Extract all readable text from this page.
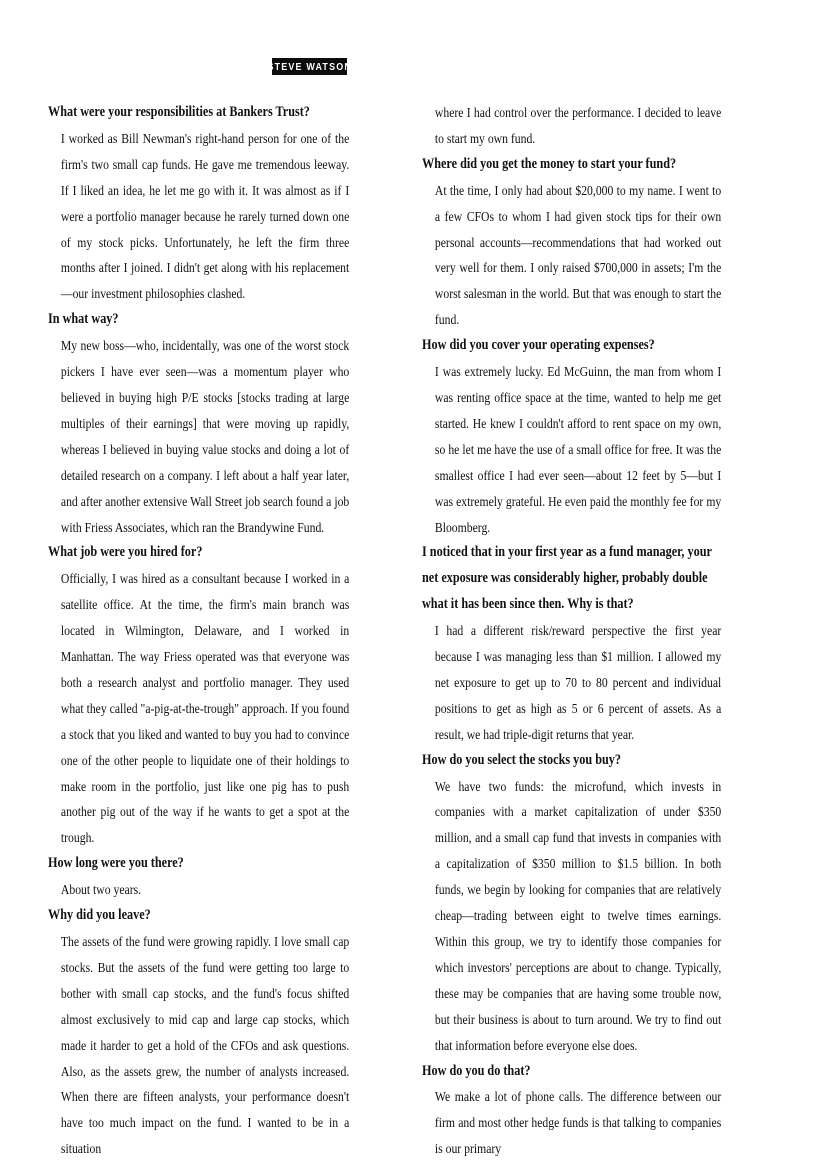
STEVE WATSON

What were your responsibilities at Bankers Trust?

I worked as Bill Newman's right-hand person for one of the firm's two small cap funds. He gave me tremendous leeway. If I liked an idea, he let me go with it. It was almost as if I were a portfolio manager because he rarely turned down one of my stock picks. Unfortunately, he left the firm three months after I joined. I didn't get along with his replacement—our investment philosophies clashed.

In what way?

My new boss—who, incidentally, was one of the worst stock pickers I have ever seen—was a momentum player who believed in buying high P/E stocks [stocks trading at large multiples of their earnings] that were moving up rapidly, whereas I believed in buying value stocks and doing a lot of detailed research on a company. I left about a half year later, and after another extensive Wall Street job search found a job with Friess Associates, which ran the Brandywine Fund.

What job were you hired for?

Officially, I was hired as a consultant because I worked in a satellite office. At the time, the firm's main branch was located in Wilmington, Delaware, and I worked in Manhattan. The way Friess operated was that everyone was both a research analyst and portfolio manager. They used what they called "a-pig-at-the-trough" approach. If you found a stock that you liked and wanted to buy you had to convince one of the other people to liquidate one of their holdings to make room in the portfolio, just like one pig has to push another pig out of the way if he wants to get a spot at the trough.

How long were you there?

About two years.

Why did you leave?

The assets of the fund were growing rapidly. I love small cap stocks. But the assets of the fund were getting too large to bother with small cap stocks, and the fund's focus shifted almost exclusively to mid cap and large cap stocks, which made it harder to get a hold of the CFOs and ask questions. Also, as the assets grew, the number of analysts increased. When there are fifteen analysts, your performance doesn't have too much impact on the fund. I wanted to be in a situation

where I had control over the performance. I decided to leave to start my own fund.

Where did you get the money to start your fund?

At the time, I only had about $20,000 to my name. I went to a few CFOs to whom I had given stock tips for their own personal accounts—recommendations that had worked out very well for them. I only raised $700,000 in assets; I'm the worst salesman in the world. But that was enough to start the fund.

How did you cover your operating expenses?

I was extremely lucky. Ed McGuinn, the man from whom I was renting office space at the time, wanted to help me get started. He knew I couldn't afford to rent space on my own, so he let me have the use of a small office for free. It was the smallest office I had ever seen—about 12 feet by 5—but I was extremely grateful. He even paid the monthly fee for my Bloomberg.

I noticed that in your first year as a fund manager, your net exposure was considerably higher, probably double what it has been since then. Why is that?

I had a different risk/reward perspective the first year because I was managing less than $1 million. I allowed my net exposure to get up to 70 to 80 percent and individual positions to get as high as 5 or 6 percent of assets. As a result, we had triple-digit returns that year.

How do you select the stocks you buy?

We have two funds: the microfund, which invests in companies with a market capitalization of under $350 million, and a small cap fund that invests in companies with a capitalization of $350 million to $1.5 billion. In both funds, we begin by looking for companies that are relatively cheap—trading between eight to twelve times earnings. Within this group, we try to identify those companies for which investors' perceptions are about to change. Typically, these may be companies that are having some trouble now, but their business is about to turn around. We try to find out that information before everyone else does.

How do you do that?

We make a lot of phone calls. The difference between our firm and most other hedge funds is that talking to companies is our primary
